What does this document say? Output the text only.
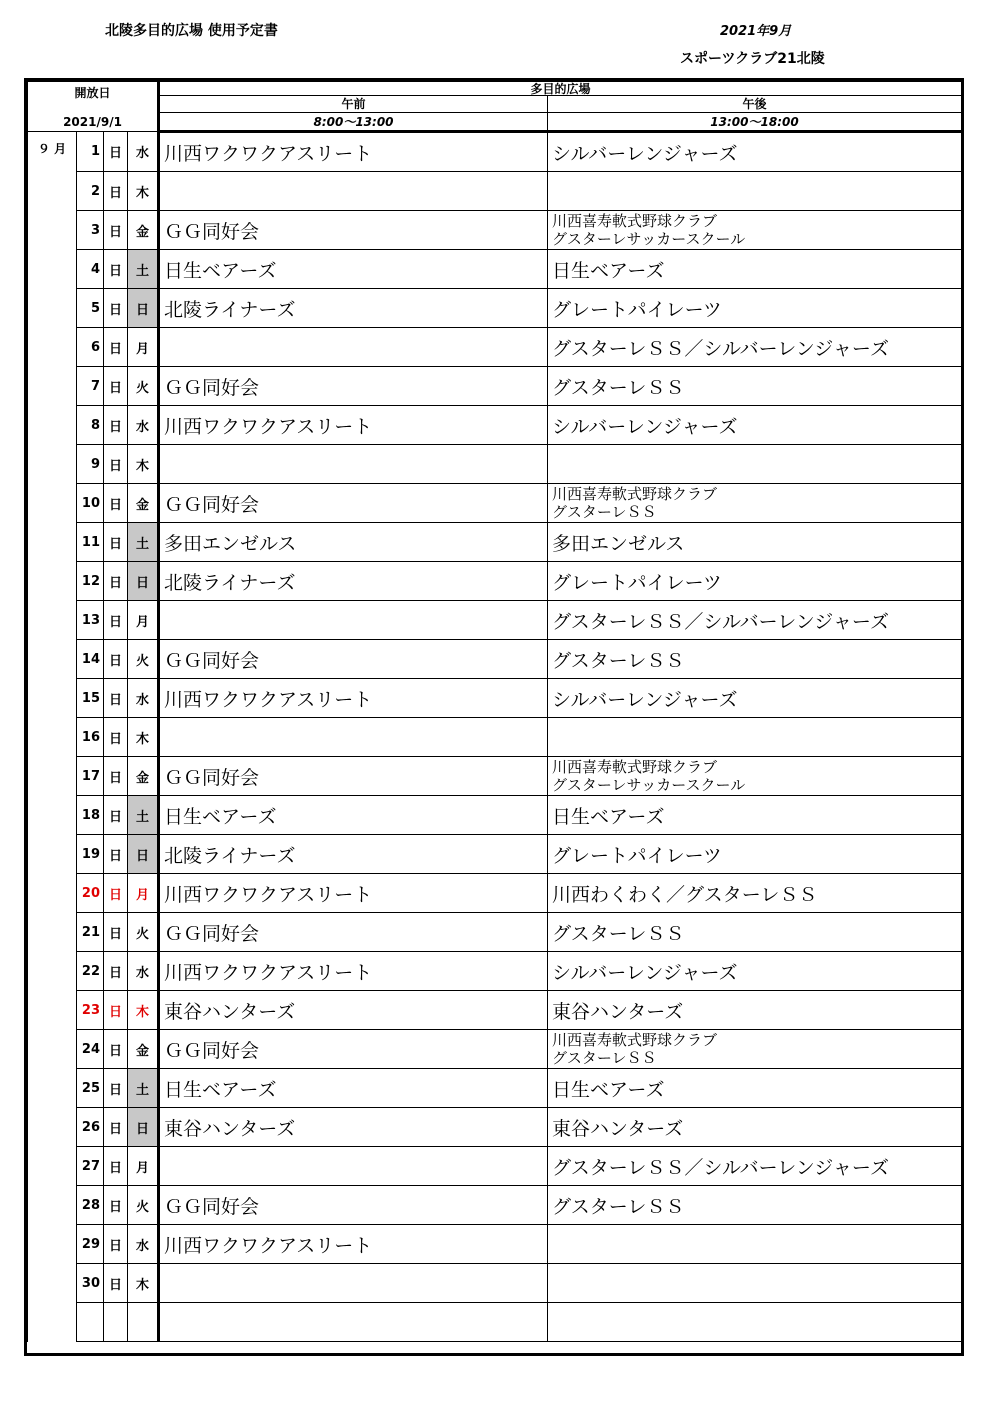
北陵多目的広場 使用予定書	2021年9月
スポーツクラブ21北陵
開放日
2021/9/1				多目的広場	
				午前	午後
				8:00～13:00	13:00～18:00
９ 月	1	日	水	川西ワクワクアスリート	シルバーレンジャーズ
	2	日	木		
	3	日	金	ＧＧ同好会	川西喜寿軟式野球クラブ
グスターレサッカースクール

	4	日	土	日生ベアーズ	日生ベアーズ
	5	日	日	北陵ライナーズ	グレートパイレーツ
	6	日	月		グスターレＳＳ／シルバーレンジャーズ
	7	日	火	ＧＧ同好会	グスターレＳＳ
	8	日	水	川西ワクワクアスリート	シルバーレンジャーズ
	9	日	木		
	10	日	金	ＧＧ同好会	川西喜寿軟式野球クラブ
グスターレＳＳ

	11	日	土	多田エンゼルス	多田エンゼルス
	12	日	日	北陵ライナーズ	グレートパイレーツ
	13	日	月		グスターレＳＳ／シルバーレンジャーズ
	14	日	火	ＧＧ同好会	グスターレＳＳ
	15	日	水	川西ワクワクアスリート	シルバーレンジャーズ
	16	日	木		
	17	日	金	ＧＧ同好会	川西喜寿軟式野球クラブ
グスターレサッカースクール

	18	日	土	日生ベアーズ	日生ベアーズ
	19	日	日	北陵ライナーズ	グレートパイレーツ
	20	日	月	川西ワクワクアスリート	川西わくわく／グスターレＳＳ
	21	日	火	ＧＧ同好会	グスターレＳＳ
	22	日	水	川西ワクワクアスリート	シルバーレンジャーズ
	23	日	木	東谷ハンターズ	東谷ハンターズ
	24	日	金	ＧＧ同好会	川西喜寿軟式野球クラブ
グスターレＳＳ

	25	日	土	日生ベアーズ	日生ベアーズ
	26	日	日	東谷ハンターズ	東谷ハンターズ
	27	日	月		グスターレＳＳ／シルバーレンジャーズ
	28	日	火	ＧＧ同好会	グスターレＳＳ
	29	日	水	川西ワクワクアスリート	
	30	日	木		
